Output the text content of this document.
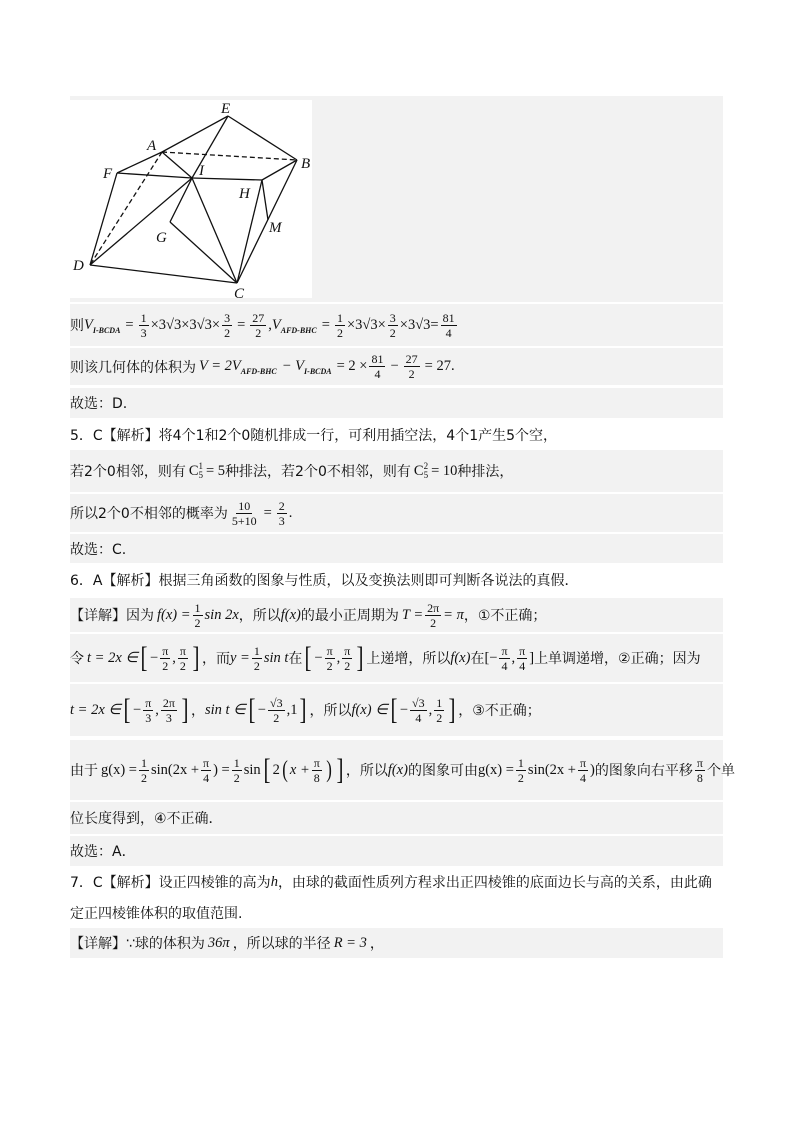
E
A
B
F	I
H
M
G
D
C
则 V I-BCDA = $\frac{1}{3} \times 3√3\times 3√3\times \frac{3}{2} = \frac{27}{2}$ , V $AFD-BHC = \frac{1}{2} \times 3√3\times \frac{3}{2} \times 3√3= \frac{81}{4}$
则该几何体的体积为 V = 2V AFD-BHC − V I-BCDA = $2 \times \frac{81}{4} - \frac{27}{2} = 27$.
故选：D.
5．C【解析】将4个1和2个0随机排成一行，可利用插空法，4个1产生5个空，
若2个0相邻，则有 C 1
5 = 5 种排法，若2个0不相邻，则有 C 2
5 = 10 种排法，
所以2个0不相邻的概率为 $\frac{10}{5+10} = \frac{2}{3}$ .
故选：C.
6．A【解析】根据三角函数的图象与性质，以及变换法则即可判断各说法的真假．
【详解】因为 $f(x) = \frac{1}{2}$ sin 2x ，所以 f(x) 的最小正周期为 $T = \frac{2\pi}{2} = \pi$ ，①不正确；
令 t = 2x ∈ [ − $\frac{\pi}{2}$ , $\frac{\pi}{2}$ ] ，而 $y = \frac{1}{2}$ sin t 在 [ − $\frac{\pi}{2}$ , $\frac{\pi}{2}$ ] 上递增，所以 f(x) 在 [− $\frac{\pi}{4}$ , $\frac{\pi}{4}$ ] 上单调递增，②正确；因为
t = 2x ∈ [ − $\frac{\pi}{3}$ , $\frac{2\pi}{3}$ ] ， sin t ∈ [ − $\frac{√3}{2} ,1$ ] ，所以 f(x) ∈ [ − $\frac{√3}{4}$ , $\frac{1}{2}$ ] ，③不正确；
由于 $g(x) = \frac{1}{2} \sin(2x + \frac{\pi}{4}$ ) = $\frac{1}{2}$ sin [ 2 ( $x + \frac{\pi}{8}$ ) ] ，所以 f(x) 的图象可由 $g(x) = \frac{1}{2} \sin(2x + \frac{\pi}{4}$ ) 的图象向右平移 $\frac{\pi}{8}$ 个单
位长度得到，④不正确．
故选：A．
7．C【解析】设正四棱锥的高为 h ，由球的截面性质列方程求出正四棱锥的底面边长与高的关系，由此确
定正四棱锥体积的取值范围.
【详解】∵球的体积为 36π ，所以球的半径 R = 3 ，
